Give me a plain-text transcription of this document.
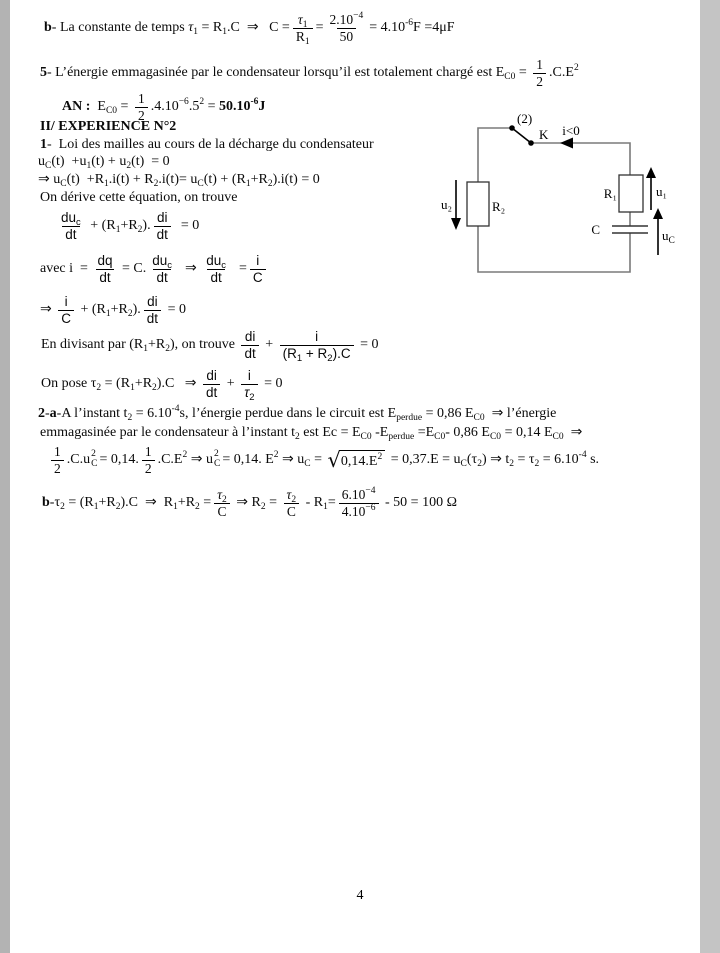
b- La constante de temps $\tau_1 = R_1.C$  ⇒   $C = \frac{\tau_1}{R_1} = \frac{2.10^{-4}}{50} = 4.10^{-6}F =4\mu F$
5- L’énergie emmagasinée par le condensateur lorsqu’il est totalement chargé est $E_{C0} = \frac{1}{2} .C.E^2$
AN :  $E_{C0} = \frac{1}{2} .4.10^{-6}.5^2 = 50.10^{-6}J$
II/ EXPERIENCE N°2
1-  Loi des mailles au cours de la décharge du condensateur
$u_C(t) +u_1(t) + u_2(t) = 0$
⇒ $u_C(t) +R_1.i(t) + R_2.i(t)= u_C(t) + (R_1+R_2).i(t) = 0$
On dérive cette équation, on trouve
$\frac{du_c}{dt} + (R_1+R_2)$. $\frac{di}{dt} = 0$
avec $i = \frac{dq}{dt} = C$. $\frac{du_c}{dt}$ ⇒ $\frac{du_c}{dt} = \frac{i}{C}$
⇒ $\frac{i}{C} + (R_1+R_2)$. $\frac{di}{dt} = 0$
En divisant par $(R_1+R_2)$, on trouve $\frac{di}{dt} + \frac{i}{(R_1 + R_2).C} = 0$
On pose $\tau_2 = (R_1+R_2).C$   ⇒ $\frac{di}{dt} + \frac{i}{\tau_2} = 0$
2-a-A l’instant $t_2 = 6.10^{-4}s$, l’énergie perdue dans le circuit est $E_{perdue} = 0,86$ $E_{C0}$  ⇒ l’énergie
emmagasinée par le condensateur à l’instant $t_2$ est $Ec = E_{C0}$ $-E_{perdue} =E_{C0}-$ 0,86 $E_{C0} = 0,14$ $E_{C0}$  ⇒
$\frac{1}{2} .C.u$ 2
C = 0,14. $\frac{1}{2} .C.E^2$ ⇒ u 2
C = 0,14. $E^2$ ⇒ $u_C$ = √ $0,14.E^2 = 0,37.E = u_C(\tau_2)$ ⇒ $t_2 = \tau_2 = 6.10^{-4}$ s.
$b-\tau_2 = (R_1+R_2).C$  ⇒  $R_1+R_2 = \frac{\tau_2}{C}$ ⇒ $R_2 = \frac{\tau_2}{C} - R_1= \frac{6.10^{-4}}{4.10^{-6}} - 50 = 100$ Ω
(2)
K i<0
R₂
u₂
R₁	u₁
C	$u_C$
4
